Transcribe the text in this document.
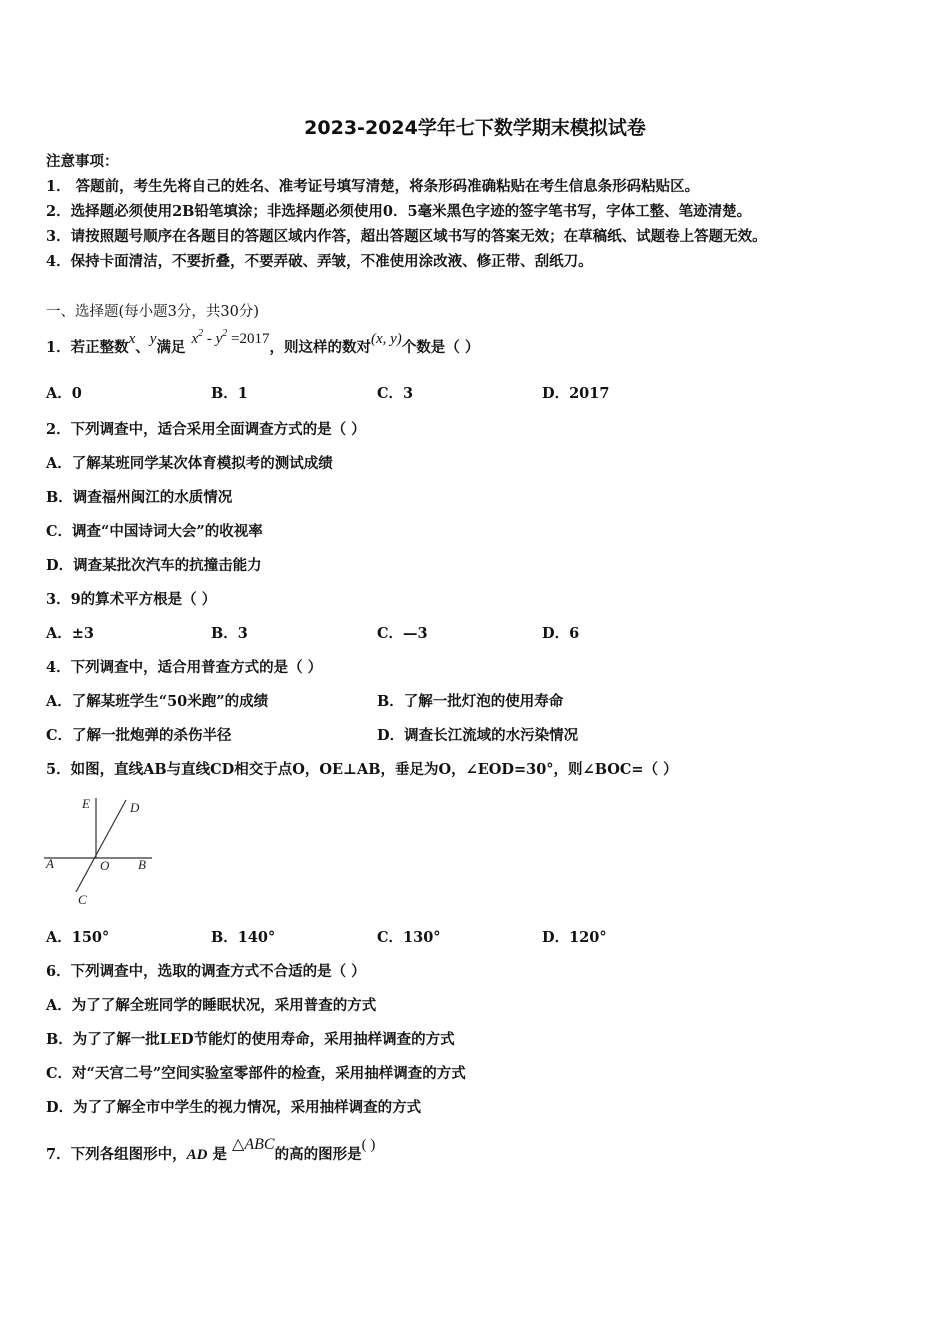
2023-2024学年七下数学期末模拟试卷
注意事项：
1． 答题前，考生先将自己的姓名、准考证号填写清楚，将条形码准确粘贴在考生信息条形码粘贴区。
2．选择题必须使用2B铅笔填涂；非选择题必须使用0．5毫米黑色字迹的签字笔书写，字体工整、笔迹清楚。
3．请按照题号顺序在各题目的答题区域内作答，超出答题区域书写的答案无效；在草稿纸、试题卷上答题无效。
4．保持卡面清洁，不要折叠，不要弄破、弄皱，不准使用涂改液、修正带、刮纸刀。
一、选择题(每小题3分，共30分)
1．若正整数x、y满足 $x^2 - y^2 =2017$，则这样的数对(x, y)个数是（ ）
A．0	B．1	C．3	D．2017
2．下列调查中，适合采用全面调查方式的是（ ）
A．了解某班同学某次体育模拟考的测试成绩
B．调查福州闽江的水质情况
C．调查“中国诗词大会”的收视率
D．调查某批次汽车的抗撞击能力
3．9的算术平方根是（ ）
A．±3	B．3	C．—3	D．6
4．下列调查中，适合用普查方式的是（ ）
A．了解某班学生“50米跑”的成绩	B．了解一批灯泡的使用寿命
C．了解一批炮弹的杀伤半径	D．调查长江流域的水污染情况
5．如图，直线AB与直线CD相交于点O，OE⊥AB，垂足为O，∠EOD=30°，则∠BOC=（ ）
E	D
A	O B
C
A．150°	B．140°	C．130°	D．120°
6．下列调查中，选取的调查方式不合适的是（ ）
A．为了了解全班同学的睡眠状况，采用普查的方式
B．为了了解一批LED节能灯的使用寿命，采用抽样调查的方式
C．对“天宫二号”空间实验室零部件的检查，采用抽样调查的方式
D．为了了解全市中学生的视力情况，采用抽样调查的方式
7．下列各组图形中，AD 是 △ABC的高的图形是( )
